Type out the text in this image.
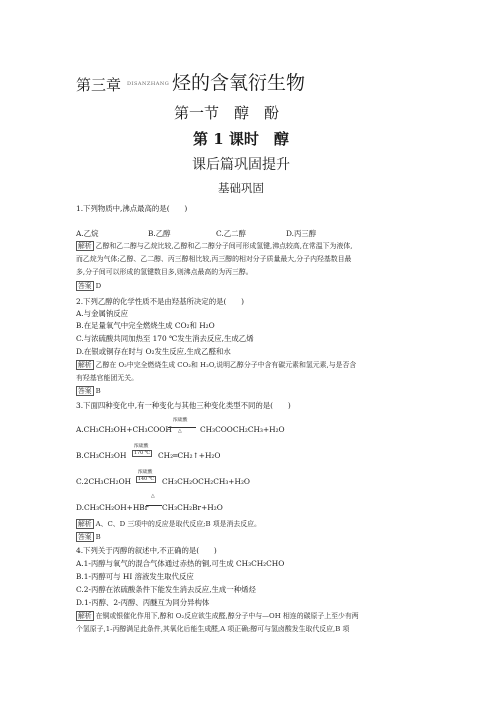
第三章 DISANZHANG 烃的含氧衍生物
第一节　醇　酚
第 1 课时　醇
课后篇巩固提升
基础巩固
1.下列物质中,沸点最高的是(　　)
A.乙烷	B.乙醇	C.乙二醇	D.丙三醇
解析 乙醇和乙二醇与乙烷比较,乙醇和乙二醇分子间可形成氢键,沸点较高,在常温下为液体,
而乙烷为气体;乙醇、乙二醇、丙三醇相比较,丙三醇的相对分子质量最大,分子内羟基数目最
多,分子间可以形成的氢键数目多,则沸点最高的为丙三醇。
答案 D
2.下列乙醇的化学性质不是由羟基所决定的是(　　)
A.与金属钠反应
B.在足量氧气中完全燃烧生成 CO₂和 H₂O
C.与浓硫酸共同加热至 170 ℃发生消去反应,生成乙烯
D.在银或铜存在时与 O₂发生反应,生成乙醛和水
解析 乙醇在 O₂中完全燃烧生成 CO₂和 H₂O,说明乙醇分子中含有碳元素和氢元素,与是否含
有羟基官能团无关。
答案 B
3.下面四种变化中,有一种变化与其他三种变化类型不同的是(　　)
A.CH₃CH₂OH+CH₃COOH
浓硫酸
△ CH₃COOCH₂CH₃+H₂O
B.CH₃CH₂OH
浓硫酸
170 ℃ CH₂═CH₂↑+H₂O
C.2CH₃CH₂OH
浓硫酸
140 ℃ CH₃CH₂OCH₂CH₃+H₂O
D.CH₃CH₂OH+HBr
△
CH₃CH₂Br+H₂O
解析 A、C、D 三项中的反应是取代反应;B 项是消去反应。
答案 B
4.下列关于丙醇的叙述中,不正确的是(　　)
A.1-丙醇与氧气的混合气体通过赤热的铜,可生成 CH₃CH₂CHO
B.1-丙醇可与 HI 溶液发生取代反应
C.2-丙醇在浓硫酸条件下能发生消去反应,生成一种烯烃
D.1-丙醇、2-丙醇、丙醚互为同分异构体
解析 在铜或银催化作用下,醇和 O₂反应欲生成醛,醇分子中与—OH 相连的碳原子上至少有两
个氢原子,1-丙醇满足此条件,其氧化后能生成醛,A 项正确;醇可与氢卤酸发生取代反应,B 项
